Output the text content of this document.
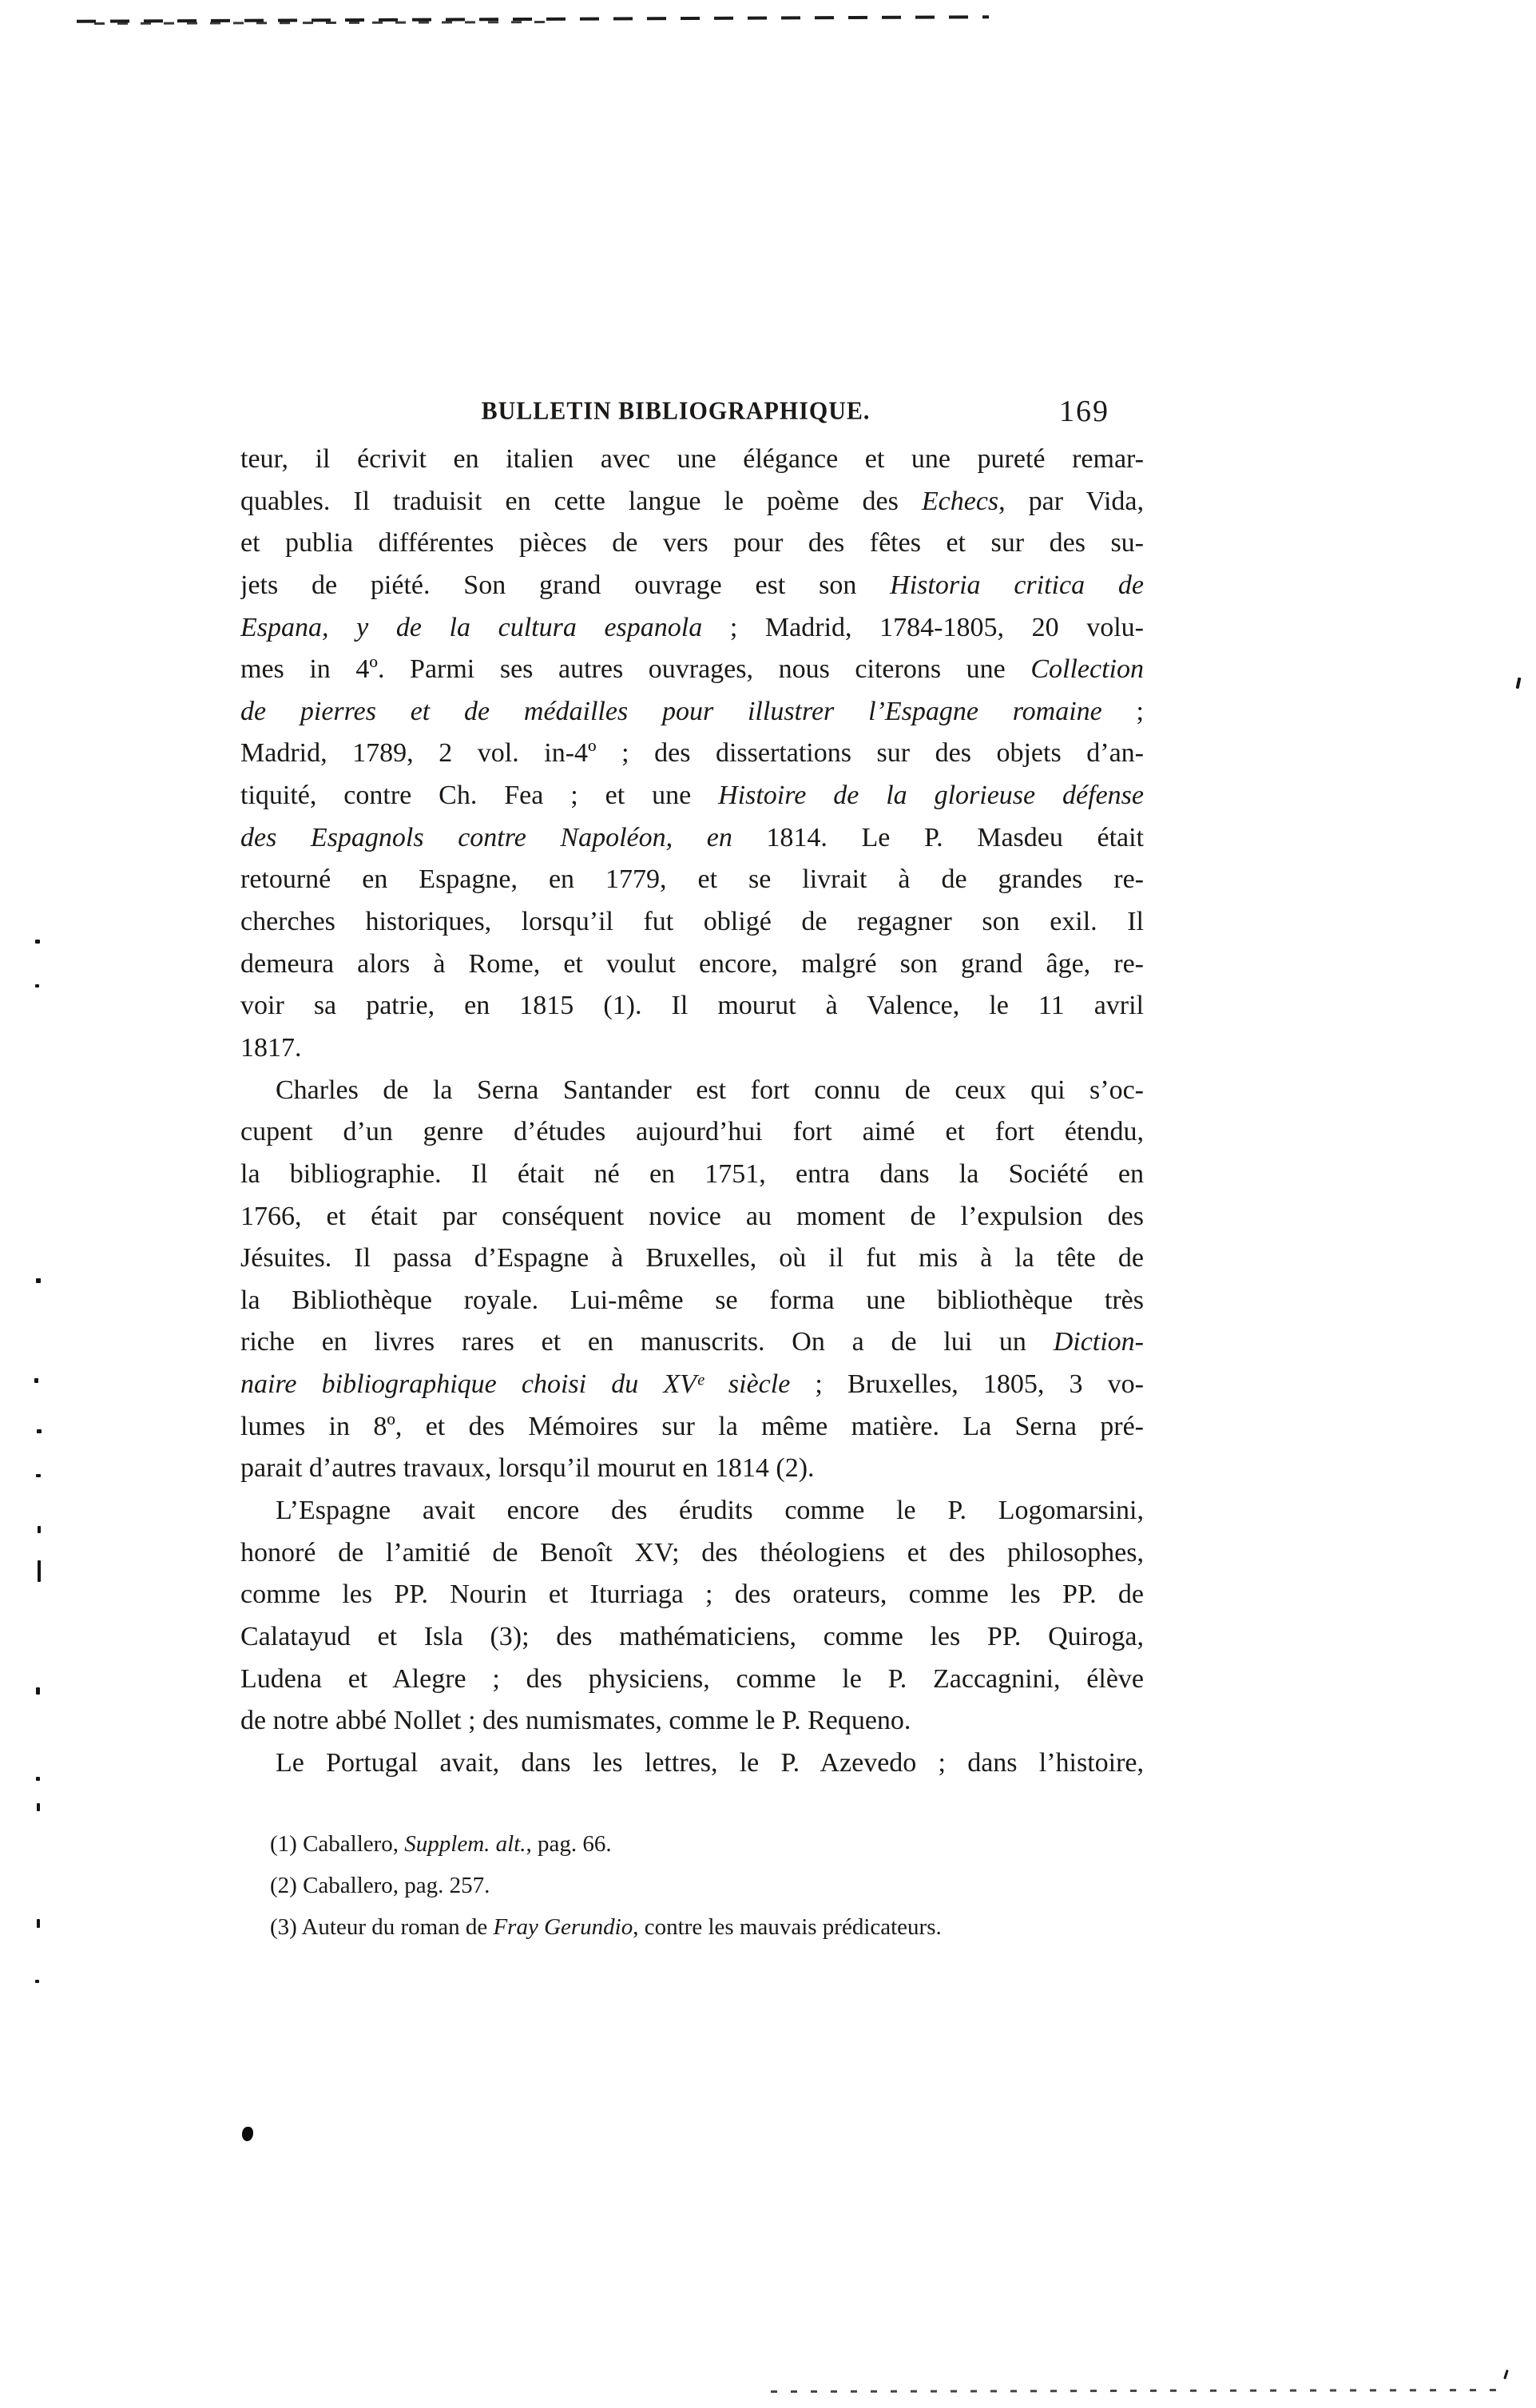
BULLETIN BIBLIOGRAPHIQUE.	169
teur, il écrivit en italien avec une élégance et une pureté remar-
quables. Il traduisit en cette langue le poème des Echecs, par Vida,
et publia différentes pièces de vers pour des fêtes et sur des su-
jets de piété. Son grand ouvrage est son Historia critica de
Espana, y de la cultura espanola ; Madrid, 1784-1805, 20 volu-
mes in 4º. Parmi ses autres ouvrages, nous citerons une Collection
de pierres et de médailles pour illustrer l’Espagne romaine ;
Madrid, 1789, 2 vol. in-4º ; des dissertations sur des objets d’an-
tiquité, contre Ch. Fea ; et une Histoire de la glorieuse défense
des Espagnols contre Napoléon, en 1814. Le P. Masdeu était
retourné en Espagne, en 1779, et se livrait à de grandes re-
cherches historiques, lorsqu’il fut obligé de regagner son exil. Il
demeura alors à Rome, et voulut encore, malgré son grand âge, re-
voir sa patrie, en 1815 (1). Il mourut à Valence, le 11 avril
1817.
Charles de la Serna Santander est fort connu de ceux qui s’oc-
cupent d’un genre d’études aujourd’hui fort aimé et fort étendu,
la bibliographie. Il était né en 1751, entra dans la Société en
1766, et était par conséquent novice au moment de l’expulsion des
Jésuites. Il passa d’Espagne à Bruxelles, où il fut mis à la tête de
la Bibliothèque royale. Lui-même se forma une bibliothèque très
riche en livres rares et en manuscrits. On a de lui un Diction-
naire bibliographique choisi du XVᵉ siècle ; Bruxelles, 1805, 3 vo-
lumes in 8º, et des Mémoires sur la même matière. La Serna pré-
parait d’autres travaux, lorsqu’il mourut en 1814 (2).
L’Espagne avait encore des érudits comme le P. Logomarsini,
honoré de l’amitié de Benoît XV; des théologiens et des philosophes,
comme les PP. Nourin et Iturriaga ; des orateurs, comme les PP. de
Calatayud et Isla (3); des mathématiciens, comme les PP. Quiroga,
Ludena et Alegre ; des physiciens, comme le P. Zaccagnini, élève
de notre abbé Nollet ; des numismates, comme le P. Requeno.
Le Portugal avait, dans les lettres, le P. Azevedo ; dans l’histoire,
(1) Caballero, Supplem. alt., pag. 66.
(2) Caballero, pag. 257.
(3) Auteur du roman de Fray Gerundio, contre les mauvais prédicateurs.
